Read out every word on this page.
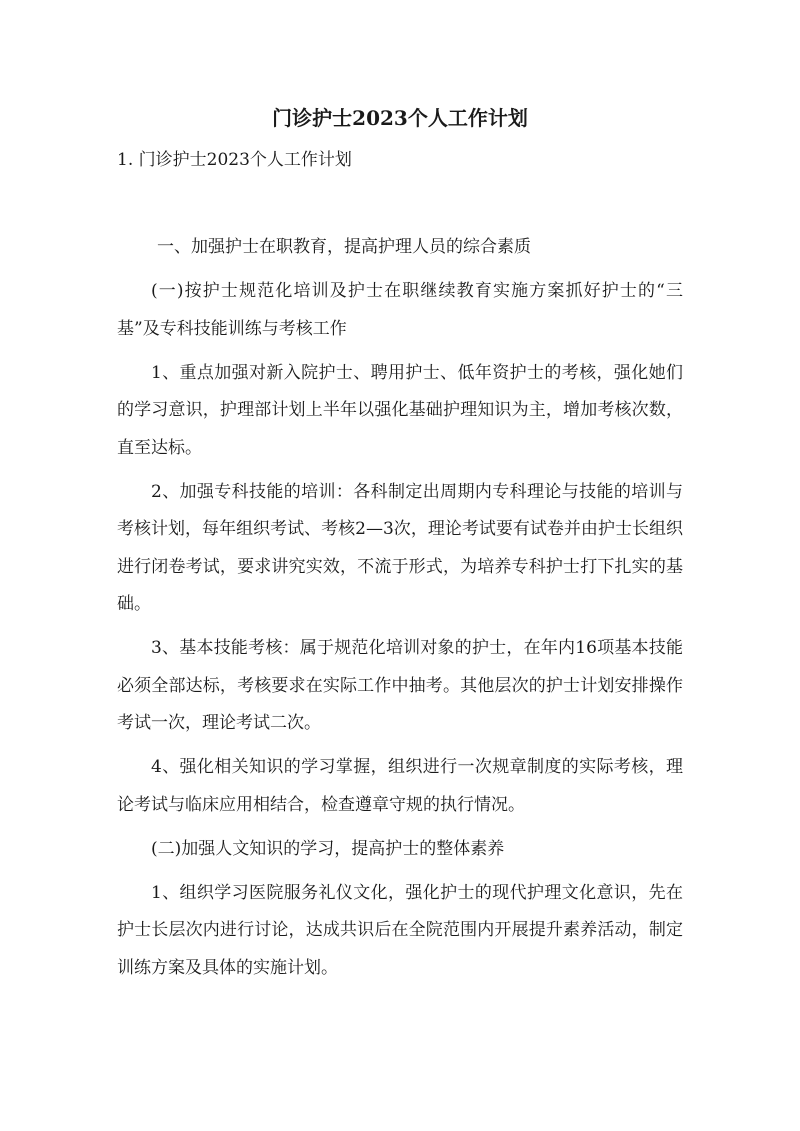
门诊护士2023个人工作计划

1. 门诊护士2023个人工作计划

一、加强护士在职教育，提高护理人员的综合素质

(一)按护士规范化培训及护士在职继续教育实施方案抓好护士的“三基”及专科技能训练与考核工作

1、重点加强对新入院护士、聘用护士、低年资护士的考核，强化她们的学习意识，护理部计划上半年以强化基础护理知识为主，增加考核次数，直至达标。

2、加强专科技能的培训：各科制定出周期内专科理论与技能的培训与考核计划，每年组织考试、考核2—3次，理论考试要有试卷并由护士长组织进行闭卷考试，要求讲究实效，不流于形式，为培养专科护士打下扎实的基础。

3、基本技能考核：属于规范化培训对象的护士，在年内16项基本技能必须全部达标，考核要求在实际工作中抽考。其他层次的护士计划安排操作考试一次，理论考试二次。

4、强化相关知识的学习掌握，组织进行一次规章制度的实际考核，理论考试与临床应用相结合，检查遵章守规的执行情况。

(二)加强人文知识的学习，提高护士的整体素养

1、组织学习医院服务礼仪文化，强化护士的现代护理文化意识，先在护士长层次内进行讨论，达成共识后在全院范围内开展提升素养活动，制定训练方案及具体的实施计划。
